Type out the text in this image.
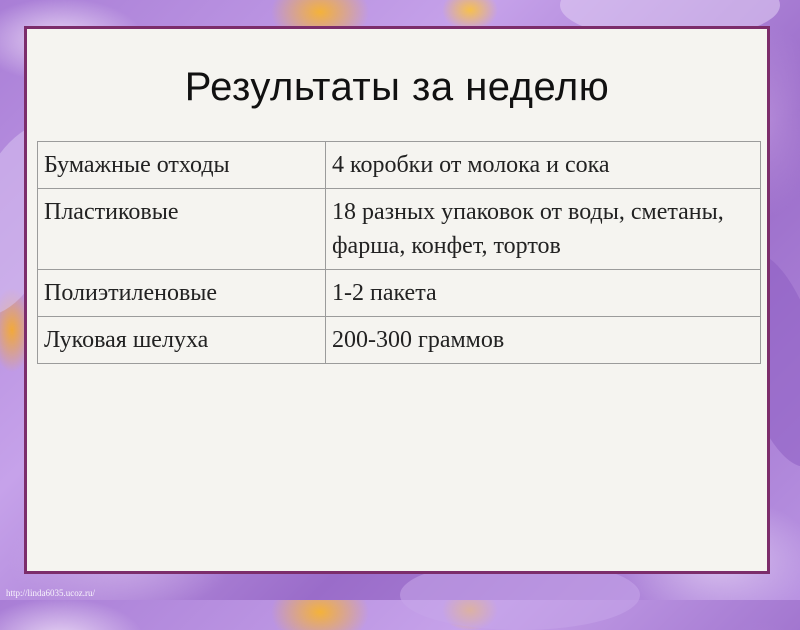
Результаты за неделю
Бумажные отходы	4 коробки от молока и сока
Пластиковые	18 разных упаковок от воды, сметаны, фарша, конфет, тортов
Полиэтиленовые	1-2 пакета
Луковая шелуха	200-300 граммов
http://linda6035.ucoz.ru/
